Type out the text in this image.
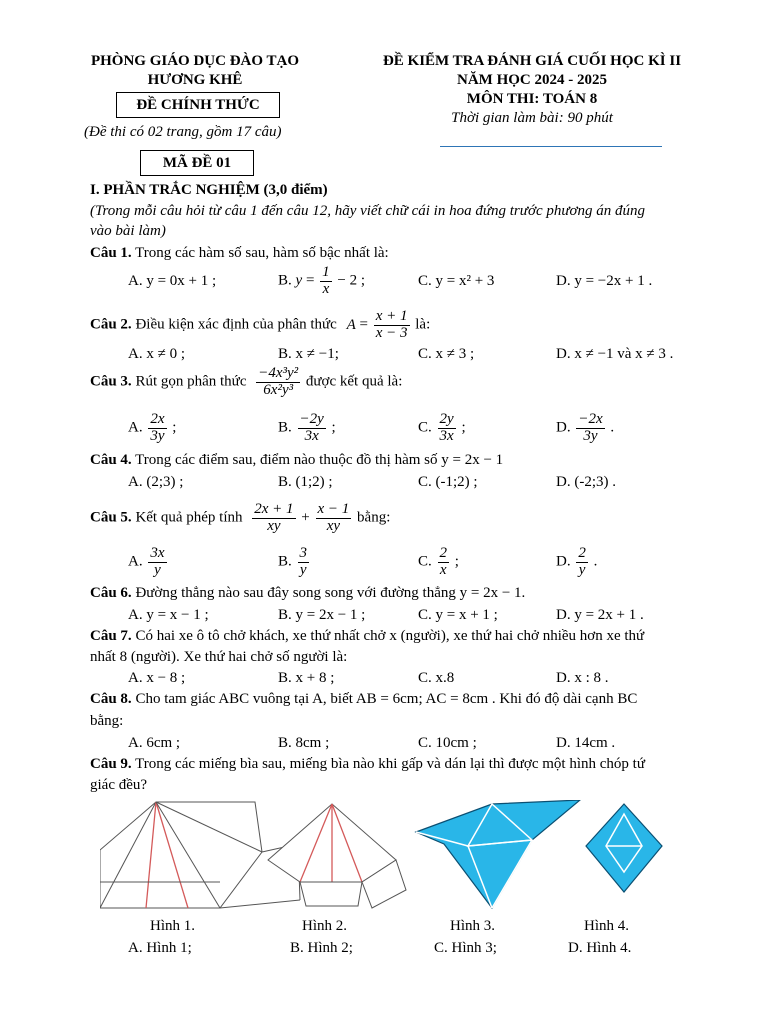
PHÒNG GIÁO DỤC ĐÀO TẠO
HƯƠNG KHÊ
ĐỀ CHÍNH THỨC
(Đề thi có 02 trang, gồm 17 câu)
ĐỀ KIỂM TRA ĐÁNH GIÁ CUỐI HỌC KÌ II
NĂM HỌC 2024 - 2025
MÔN THI: TOÁN 8
Thời gian làm bài: 90 phút
MÃ ĐỀ 01
I. PHẦN TRẮC NGHIỆM (3,0 điểm)
(Trong mỗi câu hỏi từ câu 1 đến câu 12, hãy viết chữ cái in hoa đứng trước phương án đúng
vào bài làm)
Câu 1. Trong các hàm số sau, hàm số bậc nhất là:
A. y = 0x + 1 ;	B. $y = \frac{1}{x} - 2$ ;	C. y = x² + 3	D. y = −2x + 1 .
Câu 2. Điều kiện xác định của phân thức $A = \frac{x + 1}{x - 3}$ là:
A. x ≠ 0 ;	B. x ≠ −1;	C. x ≠ 3 ;	D. x ≠ −1 và x ≠ 3 .
Câu 3. Rút gọn phân thức $\frac{\text{−4x³y²}}{\text{6x²y³}}$ được kết quả là:
A. $\frac{2x}{3y}$ ;	B. $\frac{-2y}{3x}$ ;	C. $\frac{2y}{3x}$ ;	D. $\frac{-2x}{3y}$ .
Câu 4. Trong các điểm sau, điểm nào thuộc đồ thị hàm số y = 2x − 1
A. (2;3) ;	B. (1;2) ;	C. (-1;2) ;	D. (-2;3) .
Câu 5. Kết quả phép tính $\frac{2x + 1}{xy} + \frac{x - 1}{xy}$ bằng:
A. $\frac{3x}{y}$	B. $\frac{3}{y}$	C. $\frac{2}{x}$ ;	D. $\frac{2}{y}$ .
Câu 6. Đường thẳng nào sau đây song song với đường thẳng y = 2x − 1.
A. y = x − 1 ;	B. y = 2x − 1 ;	C. y = x + 1 ;	D. y = 2x + 1 .
Câu 7. Có hai xe ô tô chở khách, xe thứ nhất chở x (người), xe thứ hai chở nhiều hơn xe thứ
nhất 8 (người). Xe thứ hai chở số người là:
A. x − 8 ;	B. x + 8 ;	C. x.8	D. x : 8 .
Câu 8. Cho tam giác ABC vuông tại A, biết AB = 6cm; AC = 8cm . Khi đó độ dài cạnh BC
bằng:
A. 6cm ;	B. 8cm ;	C. 10cm ;	D. 14cm .
Câu 9. Trong các miếng bìa sau, miếng bìa nào khi gấp và dán lại thì được một hình chóp tứ
giác đều?
Hình 1.	Hình 2.	Hình 3.	Hình 4.
A. Hình 1;	B. Hình 2;	C. Hình 3;	D. Hình 4.
